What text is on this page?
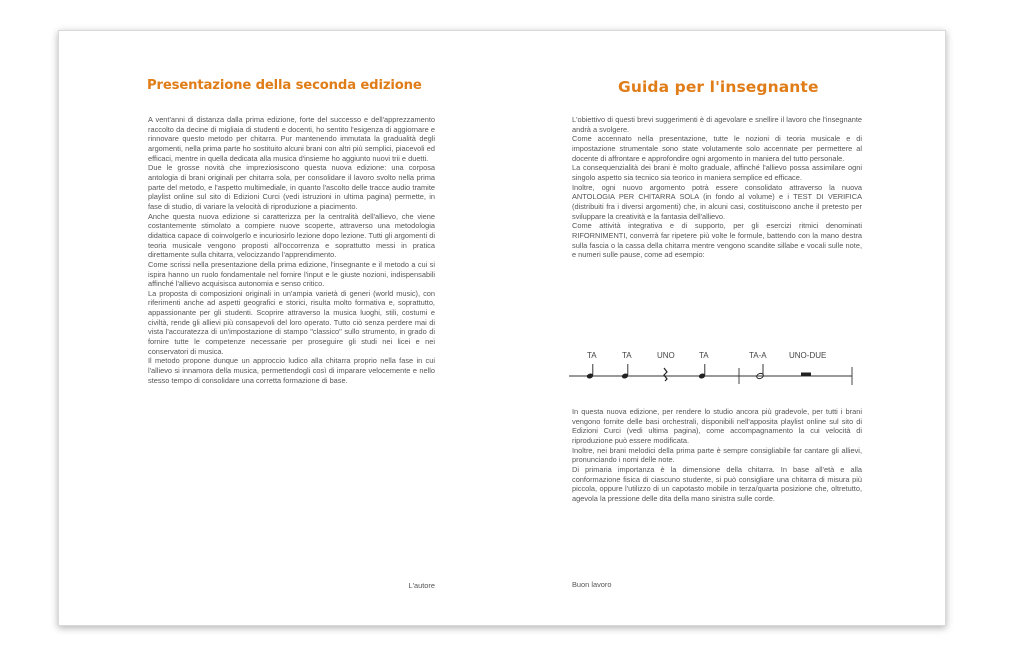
Presentazione della seconda edizione

A vent'anni di distanza dalla prima edizione, forte del successo e dell'apprezzamento raccolto da decine di migliaia di studenti e docenti, ho sentito l'esigenza di aggiornare e rinnovare questo metodo per chitarra. Pur mantenendo immutata la gradualità degli argomenti, nella prima parte ho sostituito alcuni brani con altri più semplici, piacevoli ed efficaci, mentre in quella dedicata alla musica d'insieme ho aggiunto nuovi trii e duetti.

Due le grosse novità che impreziosiscono questa nuova edizione: una corposa antologia di brani originali per chitarra sola, per consolidare il lavoro svolto nella prima parte del metodo, e l'aspetto multimediale, in quanto l'ascolto delle tracce audio tramite playlist online sul sito di Edizioni Curci (vedi istruzioni in ultima pagina) permette, in fase di studio, di variare la velocità di riproduzione a piacimento.

Anche questa nuova edizione si caratterizza per la centralità dell'allievo, che viene costantemente stimolato a compiere nuove scoperte, attraverso una metodologia didattica capace di coinvolgerlo e incuriosirlo lezione dopo lezione. Tutti gli argomenti di teoria musicale vengono proposti all'occorrenza e soprattutto messi in pratica direttamente sulla chitarra, velocizzando l'apprendimento.

Come scrissi nella presentazione della prima edizione, l'insegnante e il metodo a cui si ispira hanno un ruolo fondamentale nel fornire l'input e le giuste nozioni, indispensabili affinché l'allievo acquisisca autonomia e senso critico.

La proposta di composizioni originali in un'ampia varietà di generi (world music), con riferimenti anche ad aspetti geografici e storici, risulta molto formativa e, soprattutto, appassionante per gli studenti. Scoprire attraverso la musica luoghi, stili, costumi e civiltà, rende gli allievi più consapevoli del loro operato. Tutto ciò senza perdere mai di vista l'accuratezza di un'impostazione di stampo "classico" sullo strumento, in grado di fornire tutte le competenze necessarie per proseguire gli studi nei licei e nei conservatori di musica.

Il metodo propone dunque un approccio ludico alla chitarra proprio nella fase in cui l'allievo si innamora della musica, permettendogli così di imparare velocemente e nello stesso tempo di consolidare una corretta formazione di base.

L'autore
Guida per l'insegnante

L'obiettivo di questi brevi suggerimenti è di agevolare e snellire il lavoro che l'insegnante andrà a svolgere.

Come accennato nella presentazione, tutte le nozioni di teoria musicale e di impostazione strumentale sono state volutamente solo accennate per permettere al docente di affrontare e approfondire ogni argomento in maniera del tutto personale.

La consequenzialità dei brani è molto graduale, affinché l'allievo possa assimilare ogni singolo aspetto sia tecnico sia teorico in maniera semplice ed efficace.

Inoltre, ogni nuovo argomento potrà essere consolidato attraverso la nuova ANTOLOGIA PER CHITARRA SOLA (in fondo al volume) e i TEST DI VERIFICA (distribuiti fra i diversi argomenti) che, in alcuni casi, costituiscono anche il pretesto per sviluppare la creatività e la fantasia dell'allievo.

Come attività integrativa e di supporto, per gli esercizi ritmici denominati RIFORNIMENTI, converrà far ripetere più volte le formule, battendo con la mano destra sulla fascia o la cassa della chitarra mentre vengono scandite sillabe e vocali sulle note, e numeri sulle pause, come ad esempio:

In questa nuova edizione, per rendere lo studio ancora più gradevole, per tutti i brani vengono fornite delle basi orchestrali, disponibili nell'apposita playlist online sul sito di Edizioni Curci (vedi ultima pagina), come accompagnamento la cui velocità di riproduzione può essere modificata.

Inoltre, nei brani melodici della prima parte è sempre consigliabile far cantare gli allievi, pronunciando i nomi delle note.

Di primaria importanza è la dimensione della chitarra. In base all'età e alla conformazione fisica di ciascuno studente, si può consigliare una chitarra di misura più piccola, oppure l'utilizzo di un capotasto mobile in terza/quarta posizione che, oltretutto, agevola la pressione delle dita della mano sinistra sulle corde.

Buon lavoro
TA	TA	UNO	TA	TA-A	UNO-DUE
